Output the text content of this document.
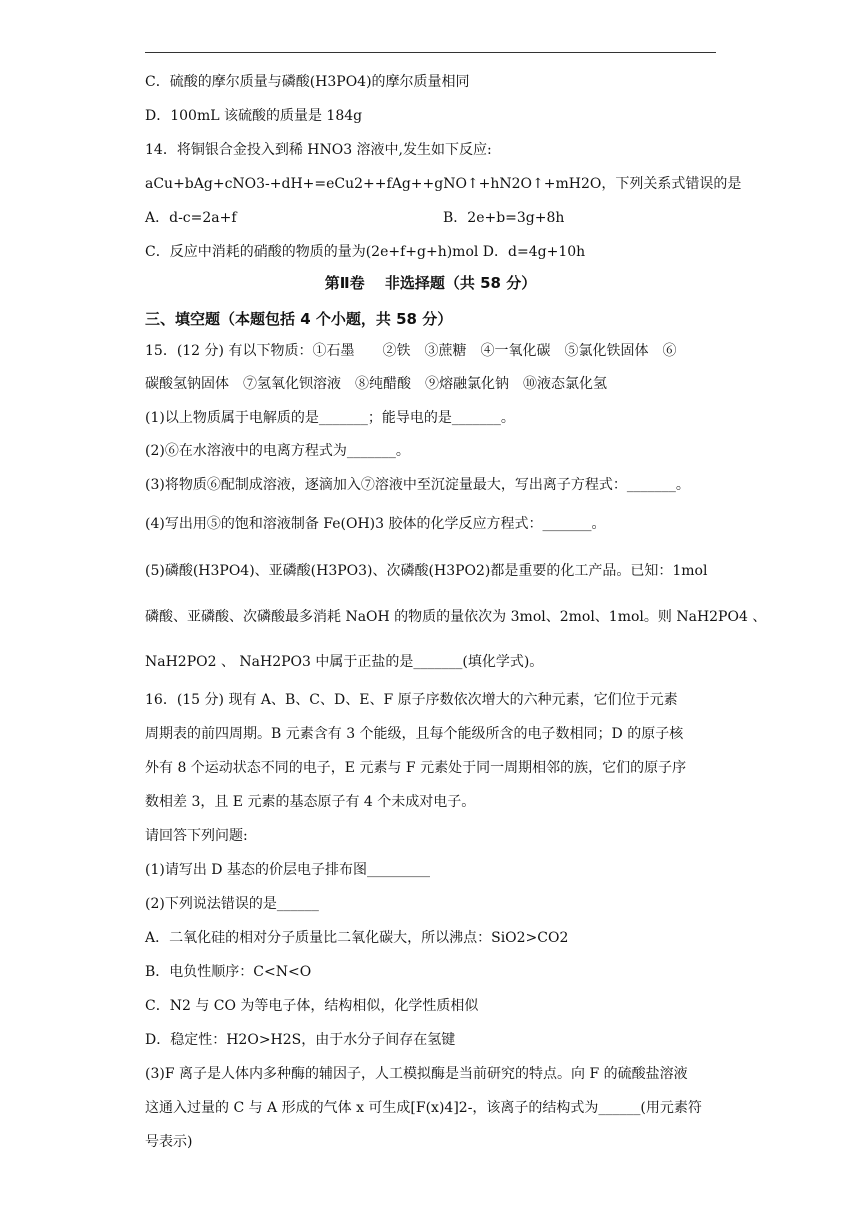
C．硫酸的摩尔质量与磷酸(H3PO4)的摩尔质量相同
D．100mL 该硫酸的质量是 184g
14．将铜银合金投入到稀 HNO3 溶液中,发生如下反应:
aCu+bAg+cNO3-+dH+=eCu2++fAg++gNO↑+hN2O↑+mH2O，下列关系式错误的是
A．d-c=2a+f	B．2e+b=3g+8h
C．反应中消耗的硝酸的物质的量为(2e+f+g+h)mol D．d=4g+10h
第Ⅱ卷　 非选择题（共 58 分）
三、填空题（本题包括 4 个小题，共 58 分）
15．(12 分) 有以下物质：①石墨　　②铁　③蔗糖　④一氧化碳　⑤氯化铁固体　⑥
碳酸氢钠固体　⑦氢氧化钡溶液　⑧纯醋酸　⑨熔融氯化钠　⑩液态氯化氢
(1)以上物质属于电解质的是_______；能导电的是_______。
(2)⑥在水溶液中的电离方程式为_______。
(3)将物质⑥配制成溶液，逐滴加入⑦溶液中至沉淀量最大，写出离子方程式：_______。
(4)写出用⑤的饱和溶液制备 Fe(OH)3 胶体的化学反应方程式：_______。
(5)磷酸(H3PO4)、亚磷酸(H3PO3)、次磷酸(H3PO2)都是重要的化工产品。已知：1mol
磷酸、亚磷酸、次磷酸最多消耗 NaOH 的物质的量依次为 3mol、2mol、1mol。则 NaH2PO4 、
NaH2PO2 、 NaH2PO3 中属于正盐的是_______(填化学式)。
16．(15 分) 现有 A、B、C、D、E、F 原子序数依次增大的六种元素，它们位于元素
周期表的前四周期。B 元素含有 3 个能级，且每个能级所含的电子数相同；D 的原子核
外有 8 个运动状态不同的电子，E 元素与 F 元素处于同一周期相邻的族，它们的原子序
数相差 3，且 E 元素的基态原子有 4 个未成对电子。
请回答下列问题:
(1)请写出 D 基态的价层电子排布图_________
(2)下列说法错误的是______
A．二氧化硅的相对分子质量比二氧化碳大，所以沸点：SiO2>CO2
B．电负性顺序：C<N<O
C．N2 与 CO 为等电子体，结构相似，化学性质相似
D．稳定性：H2O>H2S，由于水分子间存在氢键
(3)F 离子是人体内多种酶的辅因子，人工模拟酶是当前研究的特点。向 F 的硫酸盐溶液
这通入过量的 C 与 A 形成的气体 x 可生成[F(x)4]2-，该离子的结构式为______(用元素符
号表示)
